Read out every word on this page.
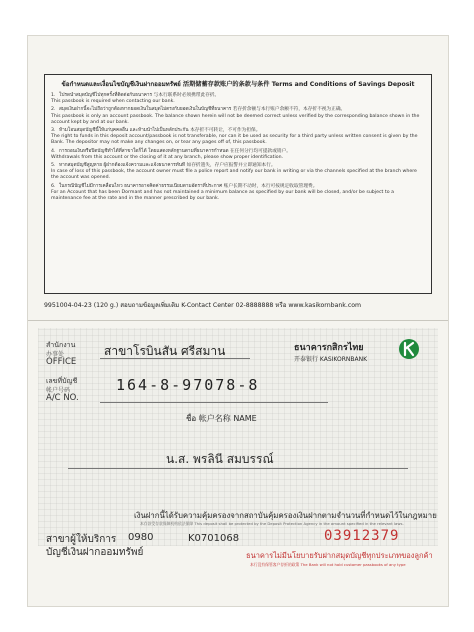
ข้อกำหนดและเงื่อนไขบัญชีเงินฝากออมทรัพย์ 活期储蓄存款账户的条款与条件 Terms and Conditions of Savings Deposit
1. โปรดนำสมุดบัญชีไปทุกครั้งที่ติดต่อกับธนาคาร 与本行联系时必须携带此存折。
This passbook is required when contacting our bank.
2. สมุดเงินฝากนี้จะไม่ถือว่าถูกต้องหากยอดเงินในสมุดไม่ตรงกับยอดเงินในบัญชีที่ธนาคาร 若存折余额与本行账户余额不符，本存折不视为正确。
This passbook is only an account passbook. The balance shown herein will not be deemed correct unless verified by the corresponding balance shown in the account kept by and at our bank.
3. ห้ามโอนสมุดบัญชีนี้ให้แก่บุคคลอื่น และห้ามนำไปเป็นหลักประกัน 本存折不可转让，不可作为担保。
The right to funds in this deposit account/passbook is not transferable, nor can it be used as security for a third party unless written consent is given by the Bank. The depositor may not make any changes on, or tear any pages off of, this passbook.
4. การถอนเงินหรือปิดบัญชีทำได้ที่สาขาใดก็ได้ โดยแสดงหลักฐานตามที่ธนาคารกำหนด 在任何分行均可提款或销户。
Withdrawals from this account or the closing of it at any branch, please show proper identification.
5. หากสมุดบัญชีสูญหาย ผู้ฝากต้องแจ้งความและแจ้งธนาคารทันที 如存折遗失，存户应报警并立即通知本行。
In case of loss of this passbook, the account owner must file a police report and notify our bank in writing or via the channels specified at the branch where the account was opened.
6. ในกรณีบัญชีไม่มีการเคลื่อนไหว ธนาคารอาจคิดค่าธรรมเนียมตามอัตราที่ประกาศ 账户长期不动时，本行可按规定收取管理费。
For an Account that has been Dormant and has not maintained a minimum balance as specified by our bank will be closed, and/or be subject to a maintenance fee at the rate and in the manner prescribed by our bank.
9951004-04-23 (120 g.) สอบถามข้อมูลเพิ่มเติม K-Contact Center 02-8888888 หรือ www.kasikornbank.com
สำนักงาน
办事处
OFFICE
สาขาโรบินสัน ศรีสมาน	ธนาคารกสิกรไทย
开泰银行 KASIKORNBANK
เลขที่บัญชี
帐户号码
A/C NO.
164-8-97078-8
ชื่อ 帐户名称 NAME
น.ส. พรลินี สมบรรณ์
เงินฝากนี้ได้รับความคุ้มครองจากสถาบันคุ้มครองเงินฝากตามจำนวนที่กำหนดไว้ในกฎหมาย
本存款受存款保障机构依法保障 This deposit shall be protected by the Deposit Protection Agency in the amount specified in the relevant laws.
สาขาผู้ให้บริการ
บัญชีเงินฝากออมทรัพย์
0980	K0701068	03912379
ธนาคารไม่มีนโยบายรับฝากสมุดบัญชีทุกประเภทของลูกค้า
本行没有保管客户存折的政策 The Bank will not hold customer passbooks of any type
